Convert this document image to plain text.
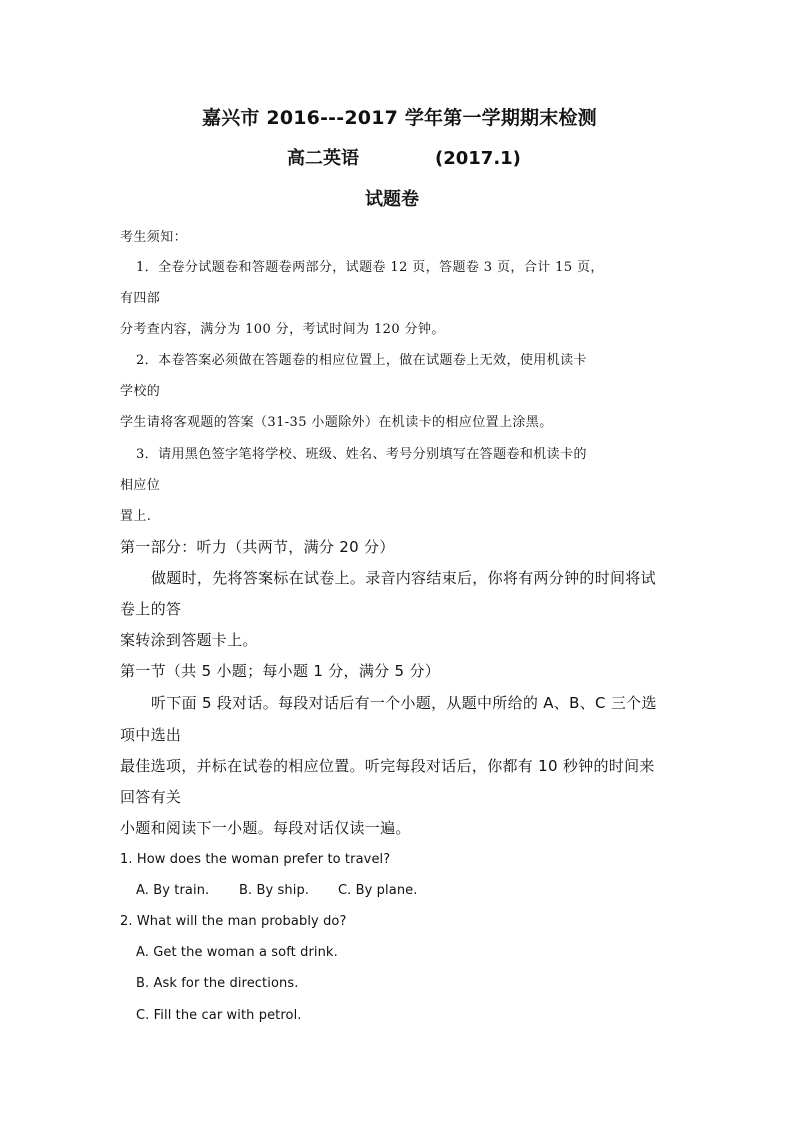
嘉兴市 2016---2017 学年第一学期期末检测
高二英语	(2017.1)
试题卷
考生须知：
1．全卷分试题卷和答题卷两部分，试题卷 12 页，答题卷 3 页，合计 15 页，
有四部
分考查内容，满分为 100 分，考试时间为 120 分钟。
2．本卷答案必须做在答题卷的相应位置上，做在试题卷上无效，使用机读卡
学校的
学生请将客观题的答案（31-35 小题除外）在机读卡的相应位置上涂黑。
3．请用黑色签字笔将学校、班级、姓名、考号分别填写在答题卷和机读卡的
相应位
置上.
第一部分：听力（共两节，满分 20 分）
做题时，先将答案标在试卷上。录音内容结束后，你将有两分钟的时间将试
卷上的答
案转涂到答题卡上。
第一节（共 5 小题；每小题 1 分，满分 5 分）
听下面 5 段对话。每段对话后有一个小题，从题中所给的 A、B、C 三个选
项中选出
最佳选项，并标在试卷的相应位置。听完每段对话后，你都有 10 秒钟的时间来
回答有关
小题和阅读下一小题。每段对话仅读一遍。
1. How does the woman prefer to travel?
A. By train. B. By ship. C. By plane.
2. What will the man probably do?
A. Get the woman a soft drink.
B. Ask for the directions.
C. Fill the car with petrol.
